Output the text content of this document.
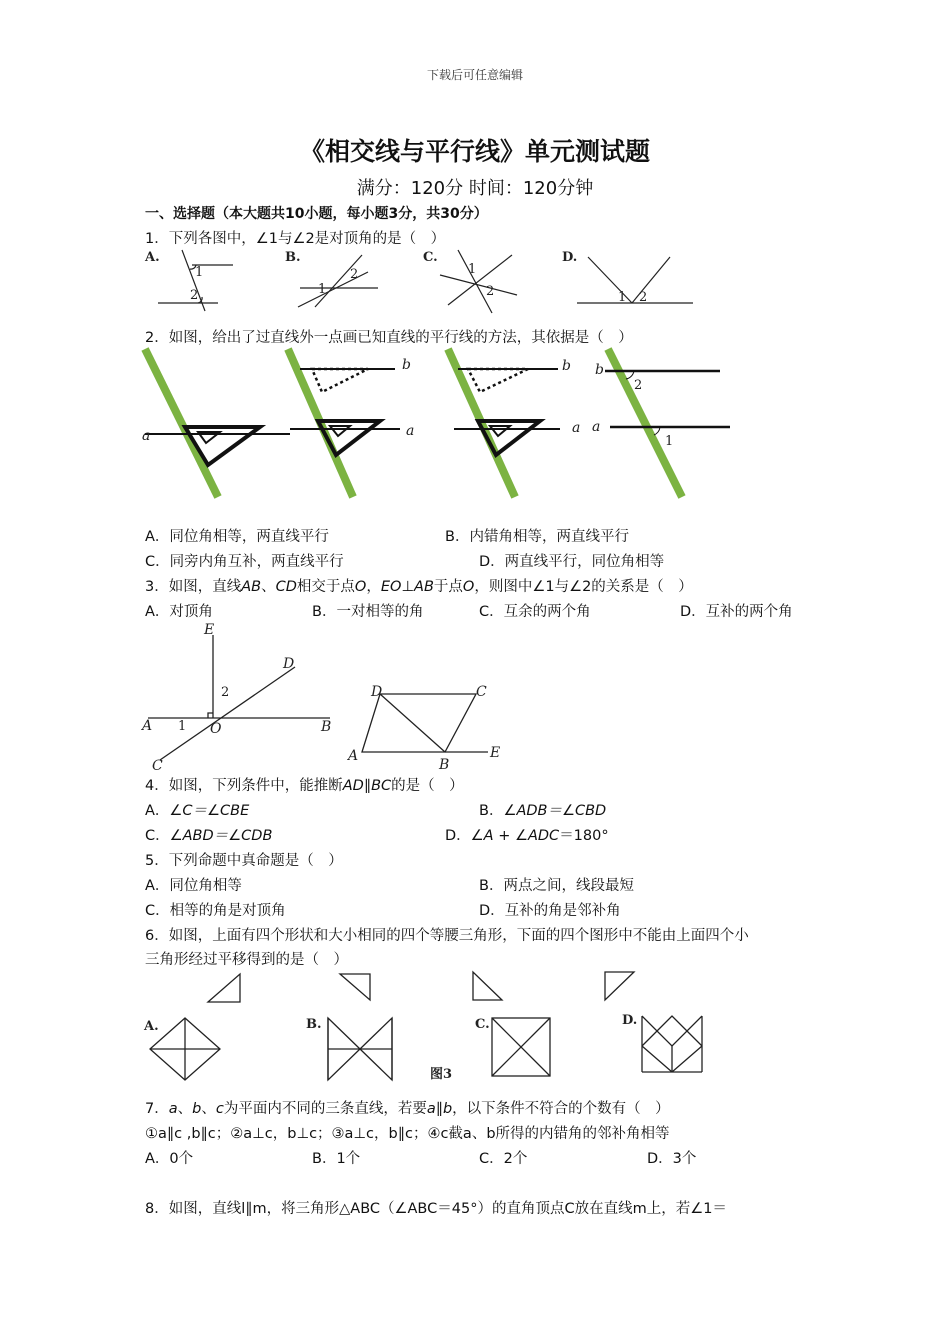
下载后可任意编辑
《相交线与平行线》单元测试题
满分：120分 时间：120分钟
一、选择题（本大题共10小题，每小题3分，共30分）
1．下列各图中，∠1与∠2是对顶角的是（　）
A.
1
2
B.
1
2
C.
1
2
D.
1 2
2．如图，给出了过直线外一点画已知直线的平行线的方法，其依据是（　）
a
b
a
b
a
b
a
2
1
A．同位角相等，两直线平行	B．内错角相等，两直线平行
C．同旁内角互补，两直线平行	D．两直线平行，同位角相等
3．如图，直线AB、CD相交于点O，EO⊥AB于点O，则图中∠1与∠2的关系是（　）
A．对顶角	B．一对相等的角	C．互余的两个角	D．互补的两个角
E
D
A 1
2
O	B
C
D	C
A
B
E
4．如图，下列条件中，能推断AD∥BC的是（　）
A．∠C＝∠CBE	B．∠ADB＝∠CBD
C．∠ABD＝∠CDB	D．∠A + ∠ADC＝180°
5．下列命题中真命题是（　）
A．同位角相等	B．两点之间，线段最短
C．相等的角是对顶角	D．互补的角是邻补角
6．如图，上面有四个形状和大小相同的四个等腰三角形，下面的四个图形中不能由上面四个小
三角形经过平移得到的是（　）
A.	B.	C.	D.
图3
7．a、b、c为平面内不同的三条直线，若要a∥b，以下条件不符合的个数有（　）
①a∥c ,b∥c；②a⊥c，b⊥c；③a⊥c，b∥c；④c截a、b所得的内错角的邻补角相等
A．0个	B．1个	C．2个	D．3个
8．如图，直线l∥m，将三角形△ABC（∠ABC＝45°）的直角顶点C放在直线m上，若∠1＝
